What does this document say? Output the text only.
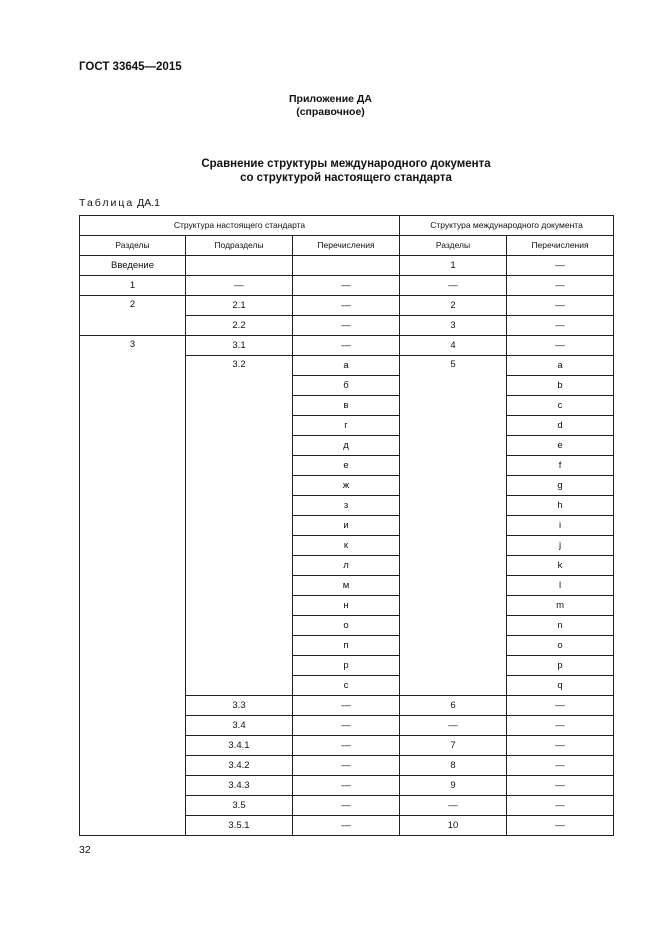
ГОСТ 33645—2015
Приложение ДА
(справочное)
Сравнение структуры международного документа
со структурой настоящего стандарта
Таблица ДА.1
Структура настоящего стандарта			Структура международного документа	
Разделы	Подразделы	Перечисления	Разделы	Перечисления
Введение			1	—
1	—	—	—	—
2	2.1	—	2	—
	2.2	—	3	—
3	3.1	—	4	—
	3.2	а	5	a
		б		b
		в		c
		г		d
		д		e
		е		f
		ж		g
		з		h
		и		i
		к		j
		л		k
		м		l
		н		m
		о		n
		п		o
		р		p
		с		q
	3.3	—	6	—
	3.4	—	—	—
	3.4.1	—	7	—
	3.4.2	—	8	—
	3.4.3	—	9	—
	3.5	—	—	—
	3.5.1	—	10	—
32
